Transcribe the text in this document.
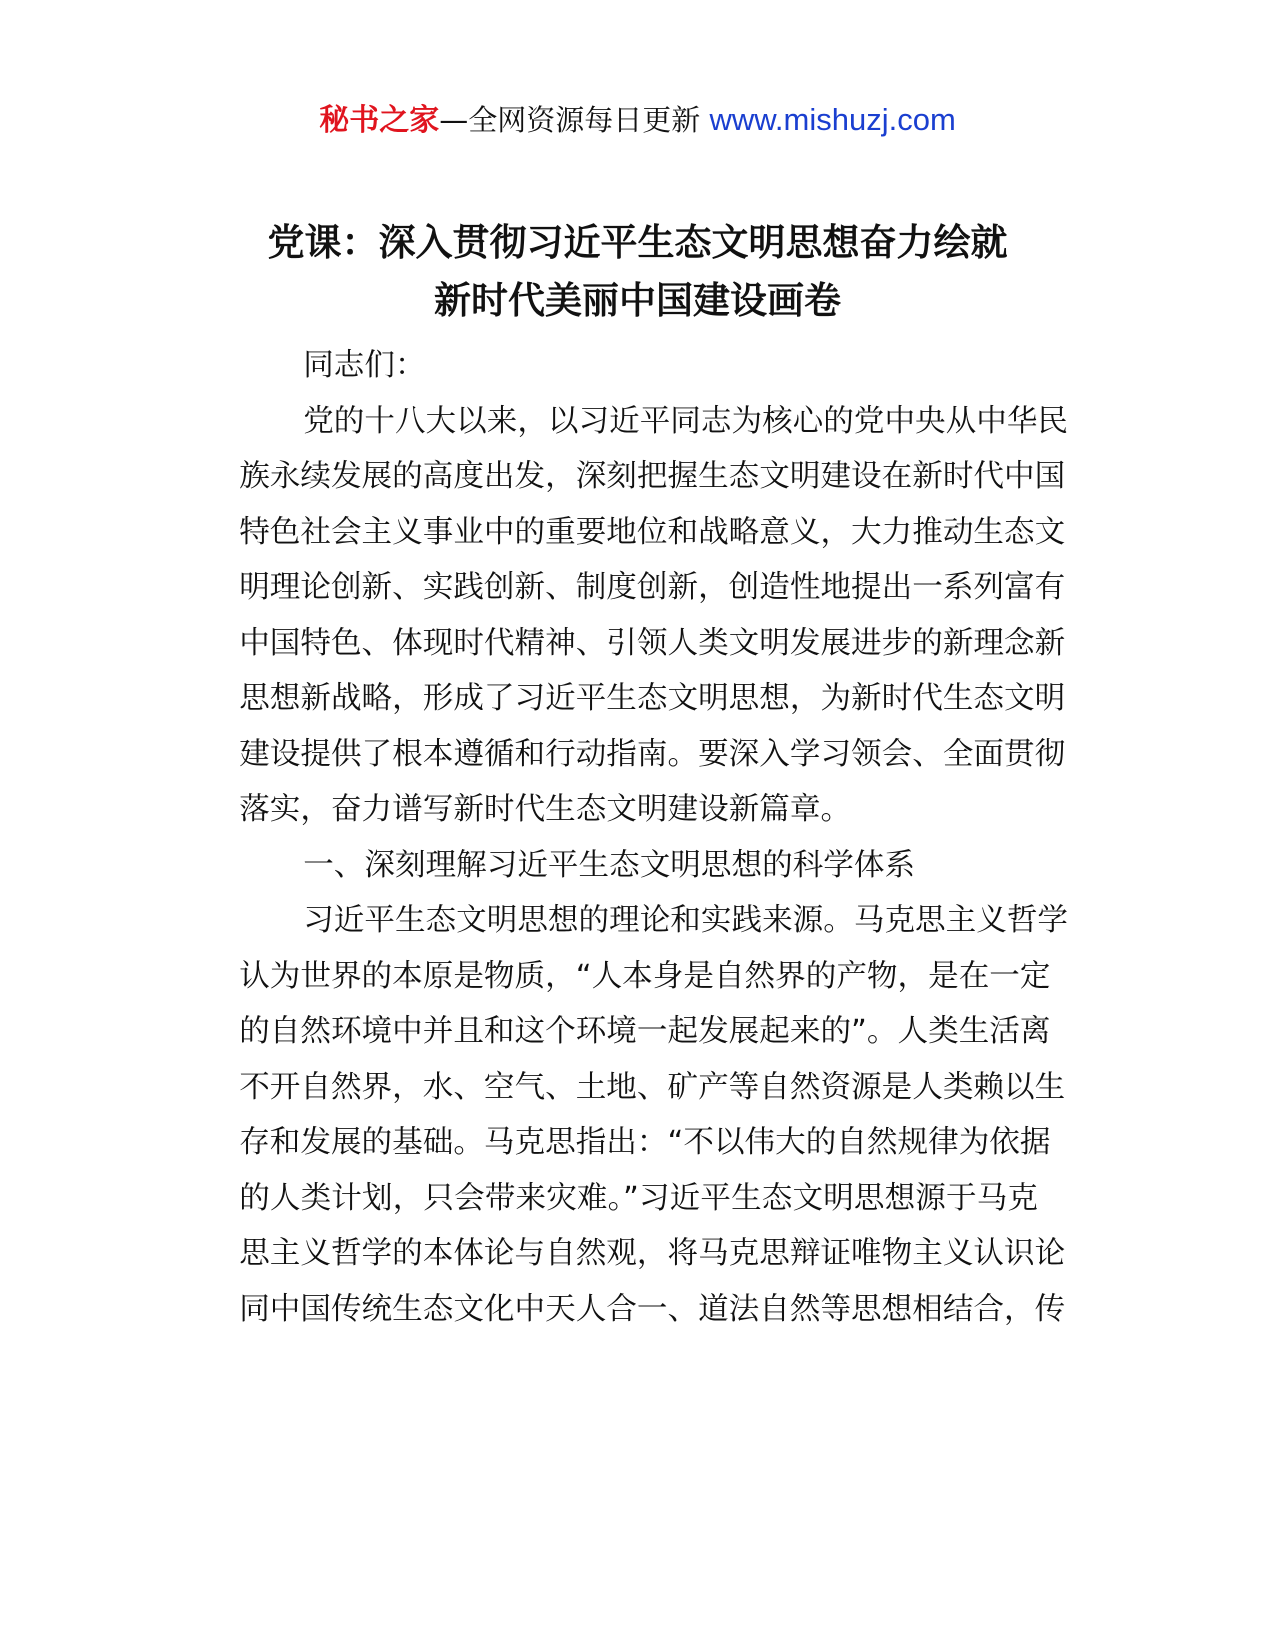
秘书之家—全网资源每日更新 www.mishuzj.com
党课：深入贯彻习近平生态文明思想奋力绘就
新时代美丽中国建设画卷
同志们：
党的十八大以来，以习近平同志为核心的党中央从中华民
族永续发展的高度出发，深刻把握生态文明建设在新时代中国
特色社会主义事业中的重要地位和战略意义，大力推动生态文
明理论创新、实践创新、制度创新，创造性地提出一系列富有
中国特色、体现时代精神、引领人类文明发展进步的新理念新
思想新战略，形成了习近平生态文明思想，为新时代生态文明
建设提供了根本遵循和行动指南。要深入学习领会、全面贯彻
落实，奋力谱写新时代生态文明建设新篇章。
一、深刻理解习近平生态文明思想的科学体系
习近平生态文明思想的理论和实践来源。马克思主义哲学
认为世界的本原是物质，“人本身是自然界的产物，是在一定
的自然环境中并且和这个环境一起发展起来的”。人类生活离
不开自然界，水、空气、土地、矿产等自然资源是人类赖以生
存和发展的基础。马克思指出：“不以伟大的自然规律为依据
的人类计划，只会带来灾难。”习近平生态文明思想源于马克
思主义哲学的本体论与自然观，将马克思辩证唯物主义认识论
同中国传统生态文化中天人合一、道法自然等思想相结合，传
